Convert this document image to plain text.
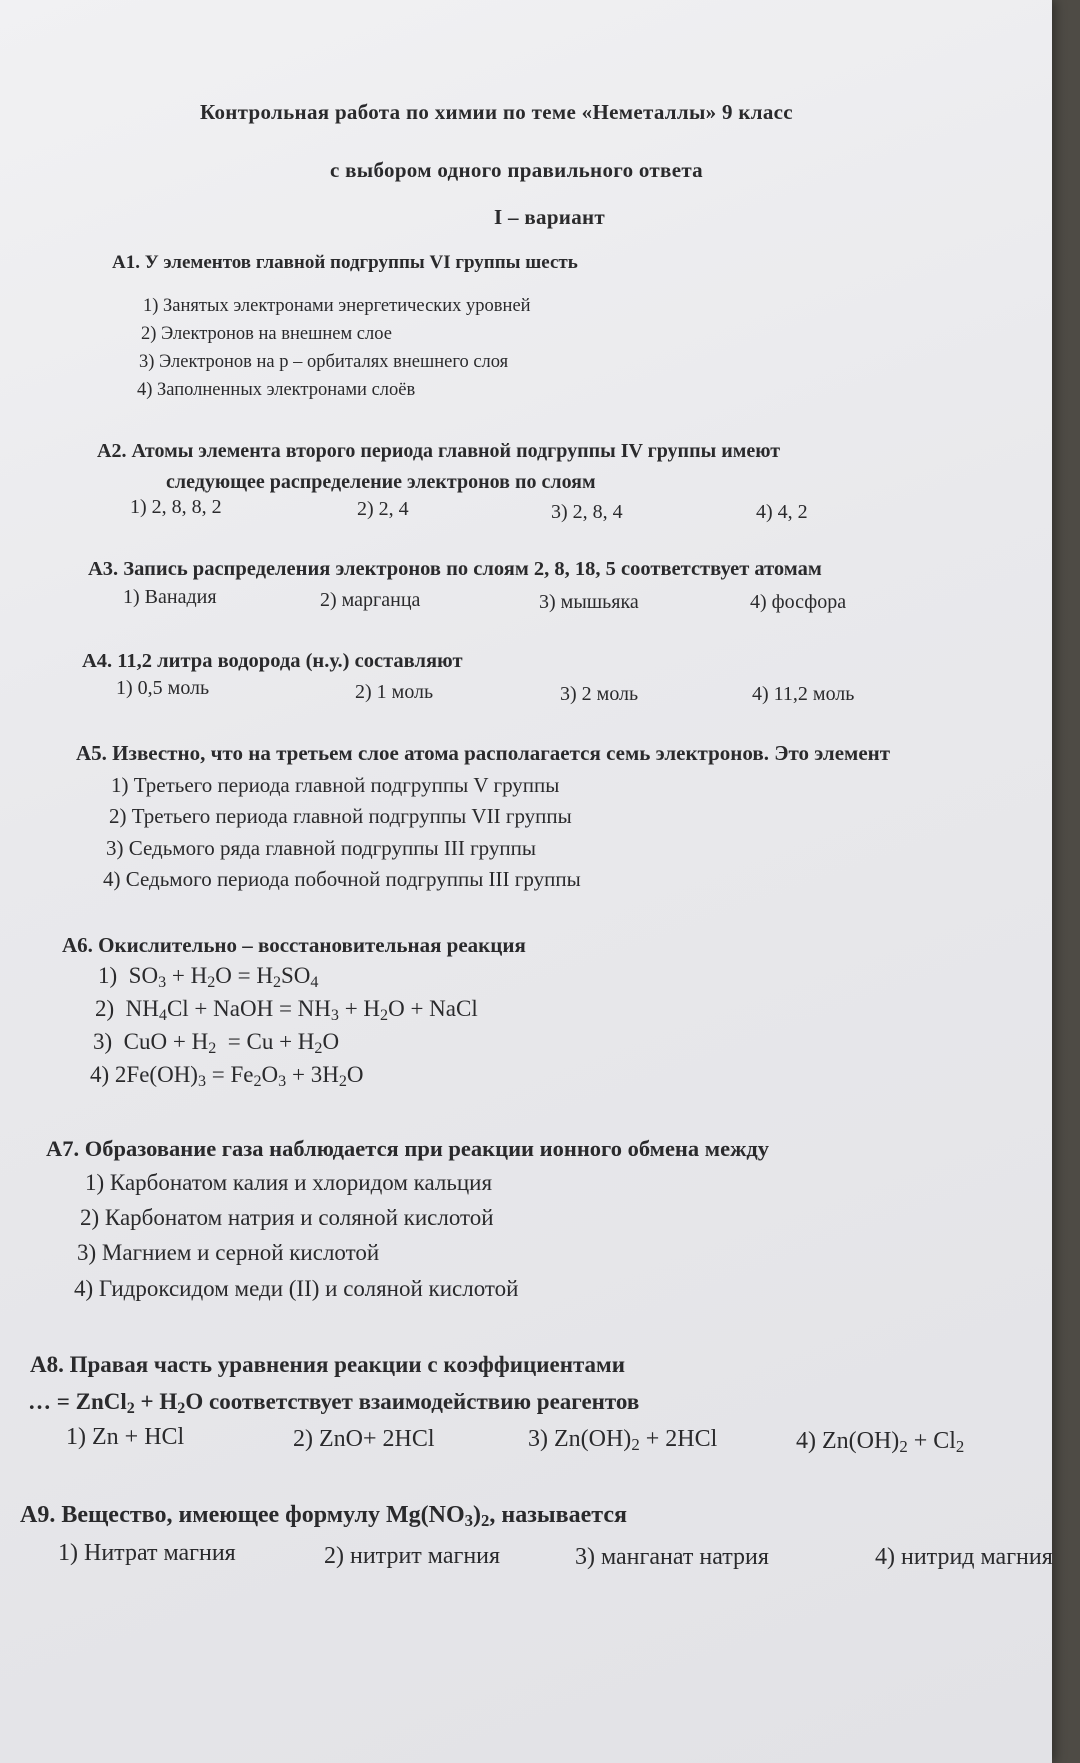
Контрольная работа по химии по теме «Неметаллы» 9 класс
с выбором одного правильного ответа
I – вариант
А1. У элементов главной подгруппы VI группы шесть
1) Занятых электронами энергетических уровней
2) Электронов на внешнем слое
3) Электронов на р – орбиталях внешнего слоя
4) Заполненных электронами слоёв
А2. Атомы элемента второго периода главной подгруппы IV группы имеют
следующее распределение электронов по слоям
1) 2, 8, 8, 2	2) 2, 4	3) 2, 8, 4	4) 4, 2
А3. Запись распределения электронов по слоям 2, 8, 18, 5 соответствует атомам
1) Ванадия	2) марганца	3) мышьяка	4) фосфора
А4. 11,2 литра водорода (н.у.) составляют
1) 0,5 моль	2) 1 моль	3) 2 моль	4) 11,2 моль
А5. Известно, что на третьем слое атома располагается семь электронов. Это элемент
1) Третьего периода главной подгруппы V группы
2) Третьего периода главной подгруппы VII группы
3) Седьмого ряда главной подгруппы III группы
4) Седьмого периода побочной подгруппы III группы
А6. Окислительно – восстановительная реакция
1) $SO_3 + H_2O = H_2SO_4$
2) $NH_4Cl$ + NaOH = $NH_3 + H_2O$ + NaCl
3) CuO + $H_2 = Cu + H_2O$
4) $2Fe(OH)_3 = Fe_2O_3 + 3H_2O$
А7. Образование газа наблюдается при реакции ионного обмена между
1) Карбонатом калия и хлоридом кальция
2) Карбонатом натрия и соляной кислотой
3) Магнием и серной кислотой
4) Гидроксидом меди (II) и соляной кислотой
А8. Правая часть уравнения реакции с коэффициентами
… = ZnCl$_2$ + $H_2O$ соответствует взаимодействию реагентов
1) Zn + HCl	2) ZnO+ 2HCl	3) $Zn(OH)_2 + 2HCl$	4) $Zn(OH)_2 + Cl_2$
А9. Вещество, имеющее формулу $Mg(NO_3)_2$, называется
1) Нитрат магния	2) нитрит магния	3) манганат натрия	4) нитрид магния
